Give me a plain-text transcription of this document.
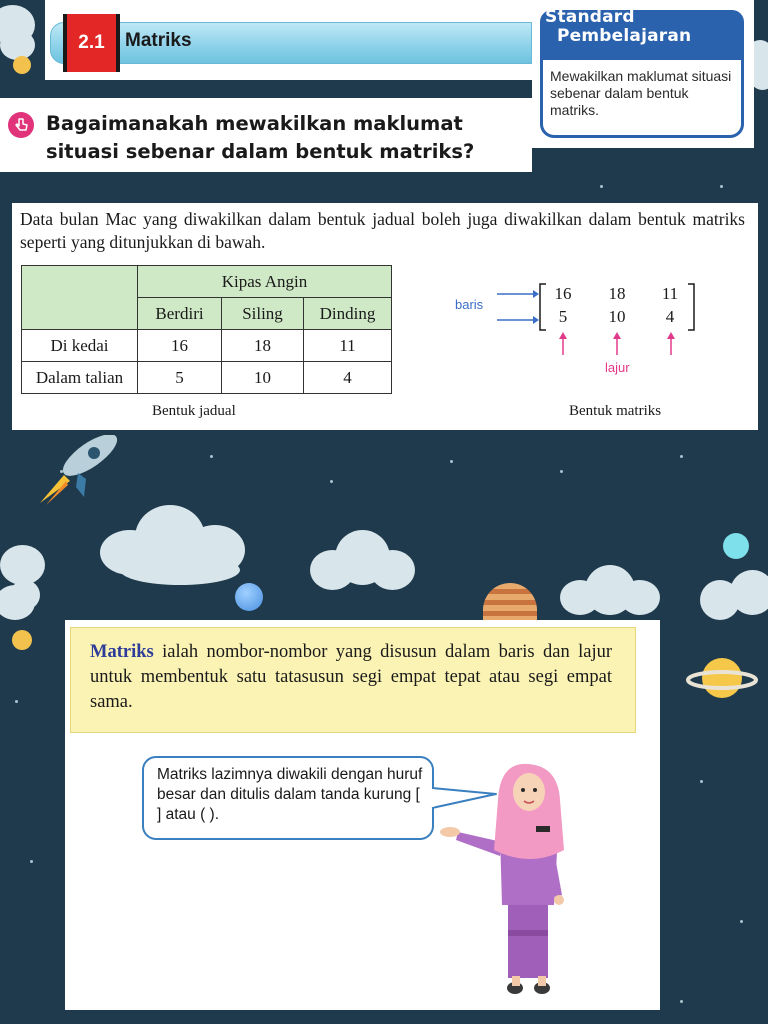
2.1	Matriks
Standard
Pembelajaran
Mewakilkan maklumat situasi sebenar dalam bentuk matriks.
Bagaimanakah mewakilkan maklumat situasi sebenar dalam bentuk matriks?
Data bulan Mac yang diwakilkan dalam bentuk jadual boleh juga diwakilkan dalam bentuk matriks seperti yang ditunjukkan di bawah.
	Kipas Angin		
	Berdiri	Siling	Dinding
Di kedai	16	18	11
Dalam talian	5	10	4
Bentuk jadual
baris
16	18	11
5	10	4
lajur
Bentuk matriks
Matriks ialah nombor-nombor yang disusun dalam baris dan lajur untuk membentuk satu tatasusun segi empat tepat atau segi empat sama.
Matriks lazimnya diwakili dengan huruf besar dan ditulis dalam tanda kurung [ ] atau ( ).
